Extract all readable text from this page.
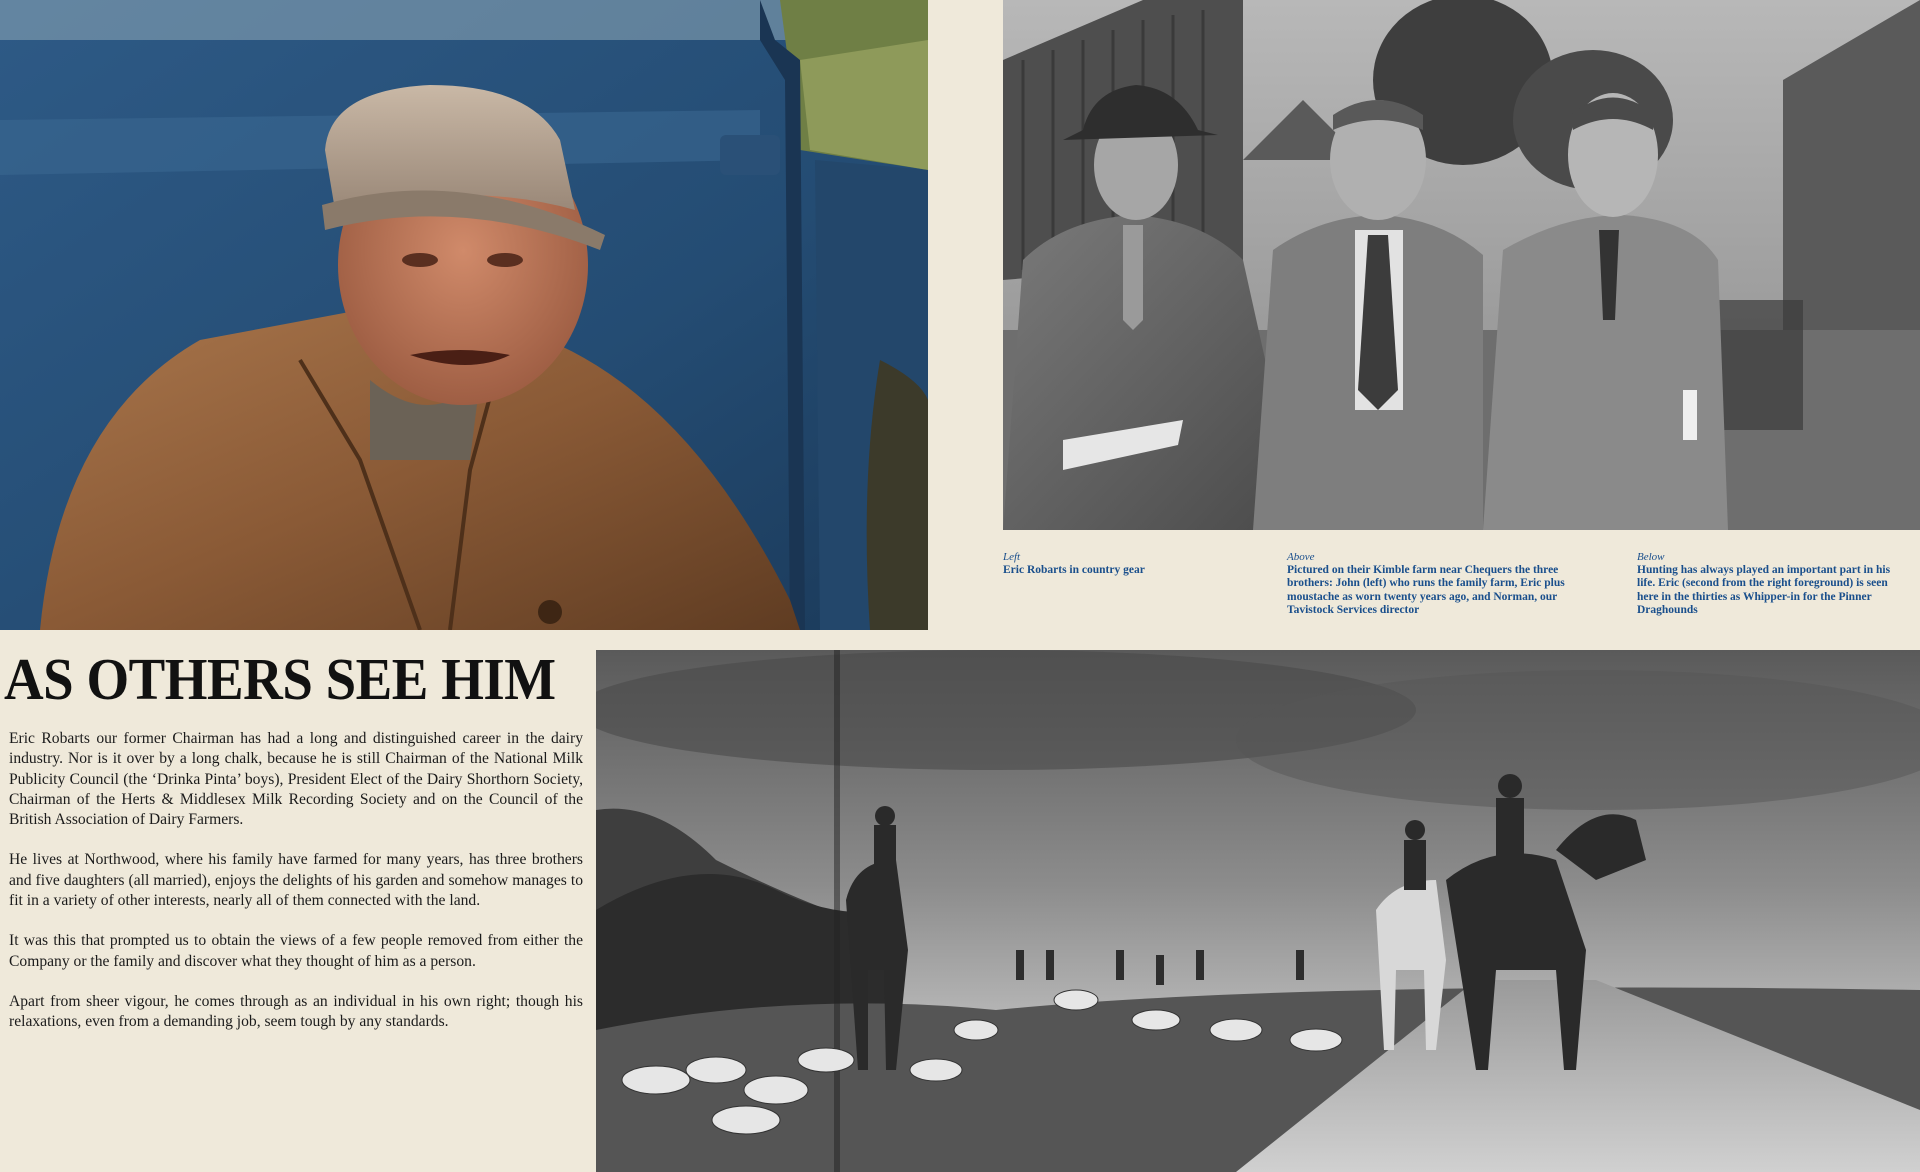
Left
Eric Robarts in country gear
Above
Pictured on their Kimble farm near Chequers the three brothers: John (left) who runs the family farm, Eric plus moustache as worn twenty years ago, and Norman, our Tavistock Services director
Below
Hunting has always played an important part in his life. Eric (second from the right foreground) is seen here in the thirties as Whipper-in for the Pinner Draghounds
AS OTHERS SEE HIM

Eric Robarts our former Chairman has had a long and distinguished career in the dairy industry. Nor is it over by a long chalk, because he is still Chairman of the National Milk Publicity Council (the ‘Drinka Pinta’ boys), President Elect of the Dairy Shorthorn Society, Chairman of the Herts & Middlesex Milk Recording Society and on the Council of the British Association of Dairy Farmers.

He lives at Northwood, where his family have farmed for many years, has three brothers and five daughters (all married), enjoys the delights of his garden and somehow manages to fit in a variety of other interests, nearly all of them connected with the land.

It was this that prompted us to obtain the views of a few people removed from either the Company or the family and discover what they thought of him as a person.

Apart from sheer vigour, he comes through as an individual in his own right; though his relaxations, even from a demanding job, seem tough by any standards.
